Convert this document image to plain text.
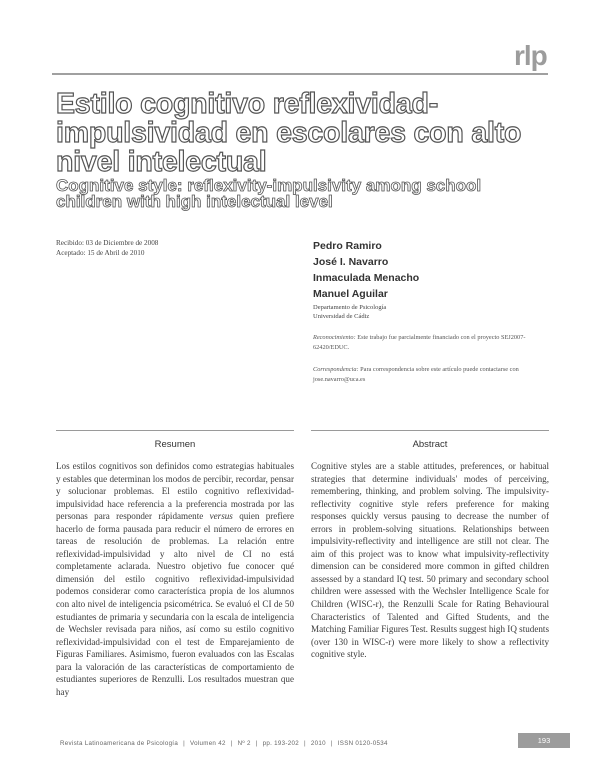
rlp
Estilo cognitivo reflexividad-impulsividad en escolares con alto nivel intelectual
Cognitive style: reflexivity-impulsivity among school children with high intelectual level
Recibido: 03 de Diciembre de 2008
Aceptado: 15 de Abril de 2010
Pedro Ramiro
José I. Navarro
Inmaculada Menacho
Manuel Aguilar
Departamento de Psicología
Universidad de Cádiz
Reconocimiento: Este trabajo fue parcialmente financiado con el proyecto SEJ2007-62420/EDUC.
Correspondencia: Para correspondencia sobre este artículo puede contactarse con jose.navarro@uca.es
Resumen	Abstract

Los estilos cognitivos son definidos como estrategias habituales y estables que determinan los modos de percibir, recordar, pensar y solucionar problemas. El estilo cognitivo reflexividad-impulsividad hace referencia a la preferencia mostrada por las personas para responder rápidamente versus quien prefiere hacerlo de forma pausada para reducir el número de errores en tareas de resolución de problemas. La relación entre reflexividad-impulsividad y alto nivel de CI no está completamente aclarada. Nuestro objetivo fue conocer qué dimensión del estilo cognitivo reflexividad-impulsividad podemos considerar como característica propia de los alumnos con alto nivel de inteligencia psicométrica. Se evaluó el CI de 50 estudiantes de primaria y secundaria con la escala de inteligencia de Wechsler revisada para niños, así como su estilo cognitivo reflexividad-impulsividad con el test de Emparejamiento de Figuras Familiares. Asimismo, fueron evaluados con las Escalas para la valoración de las características de comportamiento de estudiantes superiores de Renzulli. Los resultados muestran que hay

Cognitive styles are a stable attitudes, preferences, or habitual strategies that determine individuals' modes of perceiving, remembering, thinking, and problem solving. The impulsivity-reflectivity cognitive style refers preference for making responses quickly versus pausing to decrease the number of errors in problem-solving situations. Relationships between impulsivity-reflectivity and intelligence are still not clear. The aim of this project was to know what impulsivity-reflectivity dimension can be considered more common in gifted children assessed by a standard IQ test. 50 primary and secondary school children were assessed with the Wechsler Intelligence Scale for Children (WISC-r), the Renzulli Scale for Rating Behavioural Characteristics of Talented and Gifted Students, and the Matching Familiar Figures Test. Results suggest high IQ students (over 130 in WISC-r) were more likely to show a reflectivity cognitive style.

Revista Latinoamericana de Psicología | Volumen 42 | Nº 2 | pp. 193-202 | 2010 | ISSN 0120-0534	193
